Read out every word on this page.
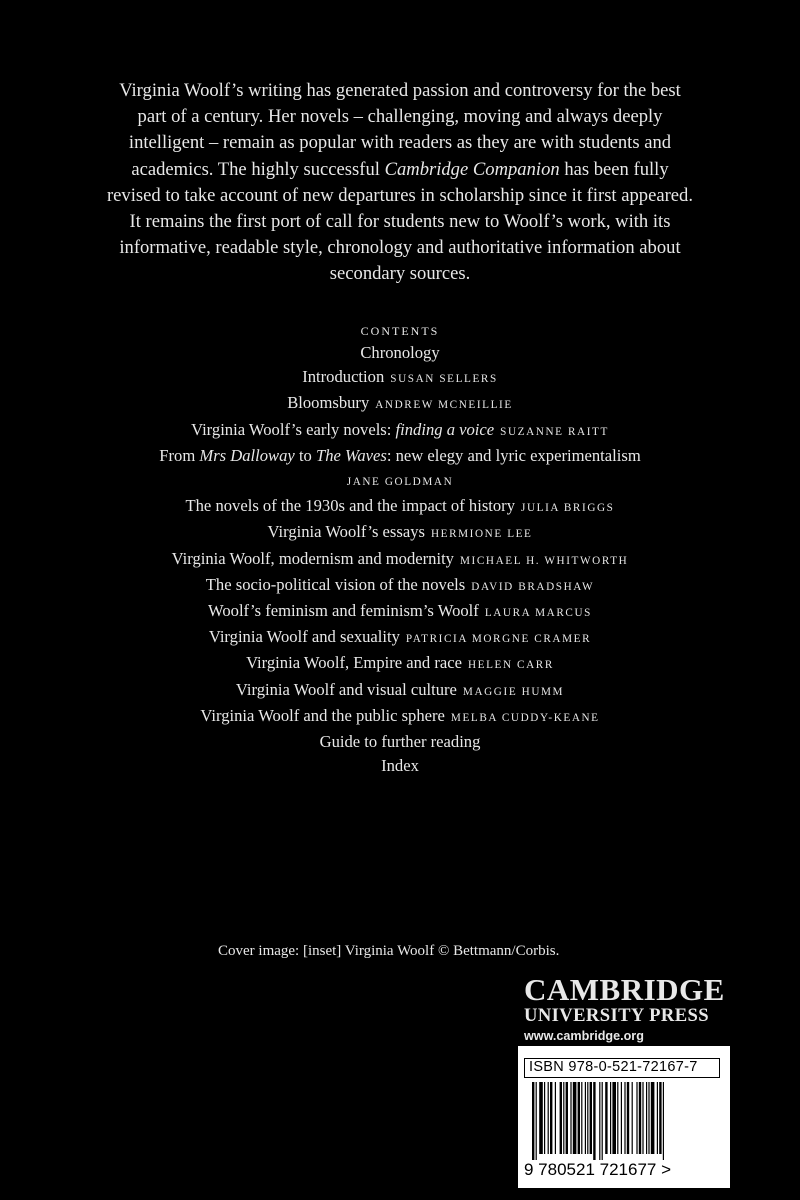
Virginia Woolf’s writing has generated passion and controversy for the best part of a century. Her novels – challenging, moving and always deeply intelligent – remain as popular with readers as they are with students and academics. The highly successful Cambridge Companion has been fully revised to take account of new departures in scholarship since it first appeared. It remains the first port of call for students new to Woolf’s work, with its informative, readable style, chronology and authoritative information about secondary sources.

CONTENTS
Chronology
Introduction SUSAN SELLERS
Bloomsbury ANDREW MCNEILLIE
Virginia Woolf’s early novels: finding a voice SUZANNE RAITT
From Mrs Dalloway to The Waves: new elegy and lyric experimentalism
JANE GOLDMAN
The novels of the 1930s and the impact of history JULIA BRIGGS
Virginia Woolf’s essays HERMIONE LEE
Virginia Woolf, modernism and modernity MICHAEL H. WHITWORTH
The socio-political vision of the novels DAVID BRADSHAW
Woolf’s feminism and feminism’s Woolf LAURA MARCUS
Virginia Woolf and sexuality PATRICIA MORGNE CRAMER
Virginia Woolf, Empire and race HELEN CARR
Virginia Woolf and visual culture MAGGIE HUMM
Virginia Woolf and the public sphere MELBA CUDDY-KEANE
Guide to further reading
Index
Cover image: [inset] Virginia Woolf © Bettmann/Corbis.
CAMBRIDGE
UNIVERSITY PRESS
www.cambridge.org
ISBN 978-0-521-72167-7
9 780521 721677 >
